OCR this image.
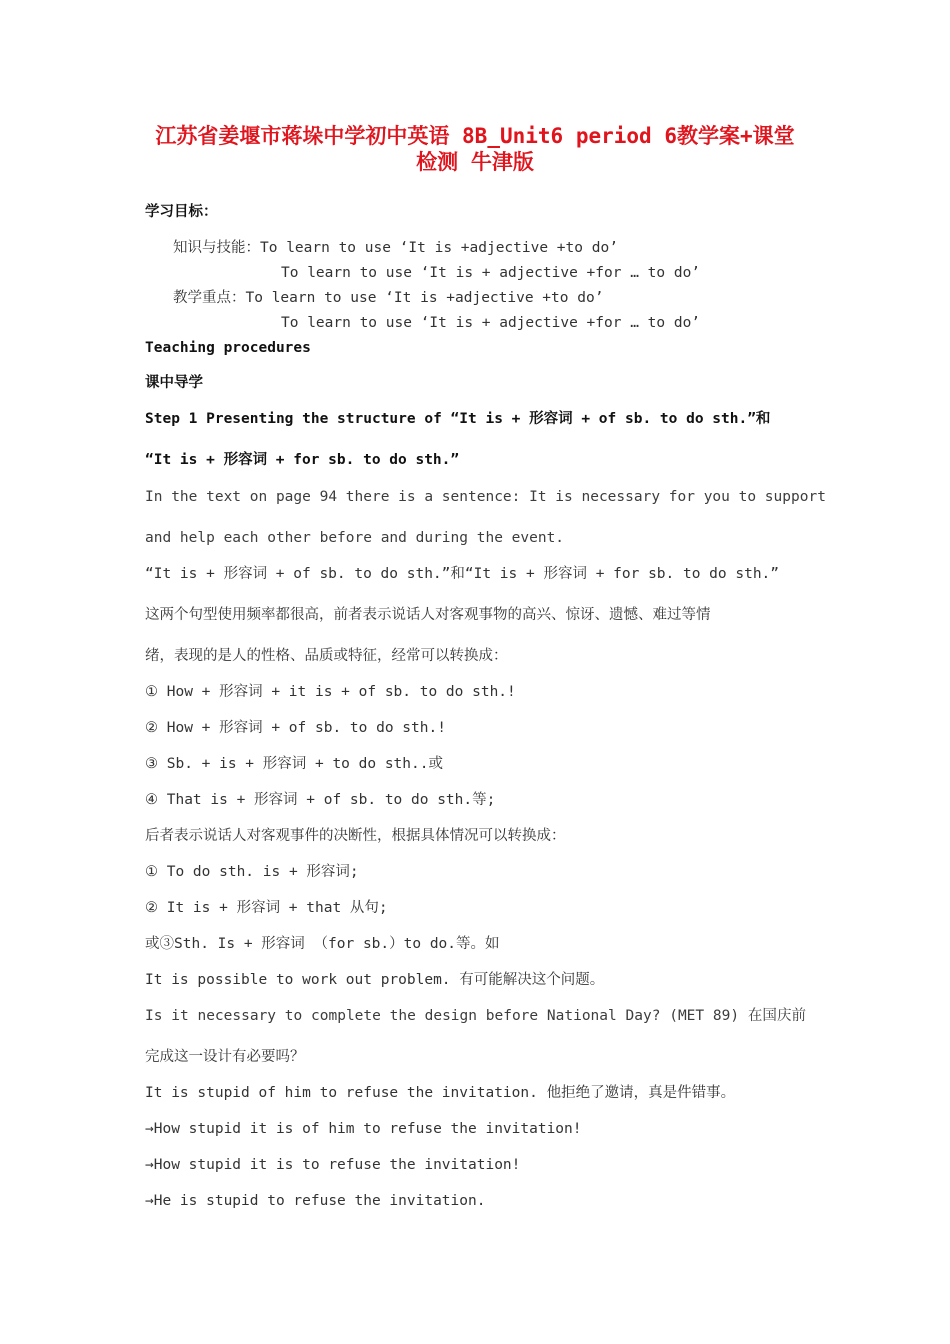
江苏省姜堰市蒋垛中学初中英语 8B_Unit6 period 6教学案+课堂
检测 牛津版
学习目标：
知识与技能：To learn to use ‘It is +adjective +to do’
To learn to use ‘It is + adjective +for … to do’
教学重点：To learn to use ‘It is +adjective +to do’
To learn to use ‘It is + adjective +for … to do’
Teaching procedures
课中导学
Step 1 Presenting the structure of “It is + 形容词 + of sb. to do sth.”和
“It is + 形容词 + for sb. to do sth.”
In the text on page 94 there is a sentence: It is necessary for you to support
and help each other before and during the event.
“It is + 形容词 + of sb. to do sth.”和“It is + 形容词 + for sb. to do sth.”
这两个句型使用频率都很高，前者表示说话人对客观事物的高兴、惊讶、遗憾、难过等情
绪，表现的是人的性格、品质或特征，经常可以转换成：
① How + 形容词 + it is + of sb. to do sth.!
② How + 形容词 + of sb. to do sth.!
③ Sb. + is + 形容词 + to do sth..或
④ That is + 形容词 + of sb. to do sth.等;
后者表示说话人对客观事件的决断性，根据具体情况可以转换成：
① To do sth. is + 形容词;
② It is + 形容词 + that 从句;
或③Sth. Is + 形容词 （for sb.）to do.等。如
It is possible to work out problem. 有可能解决这个问题。
Is it necessary to complete the design before National Day? (MET 89) 在国庆前
完成这一设计有必要吗？
It is stupid of him to refuse the invitation. 他拒绝了邀请，真是件错事。
→How stupid it is of him to refuse the invitation!
→How stupid it is to refuse the invitation!
→He is stupid to refuse the invitation.
